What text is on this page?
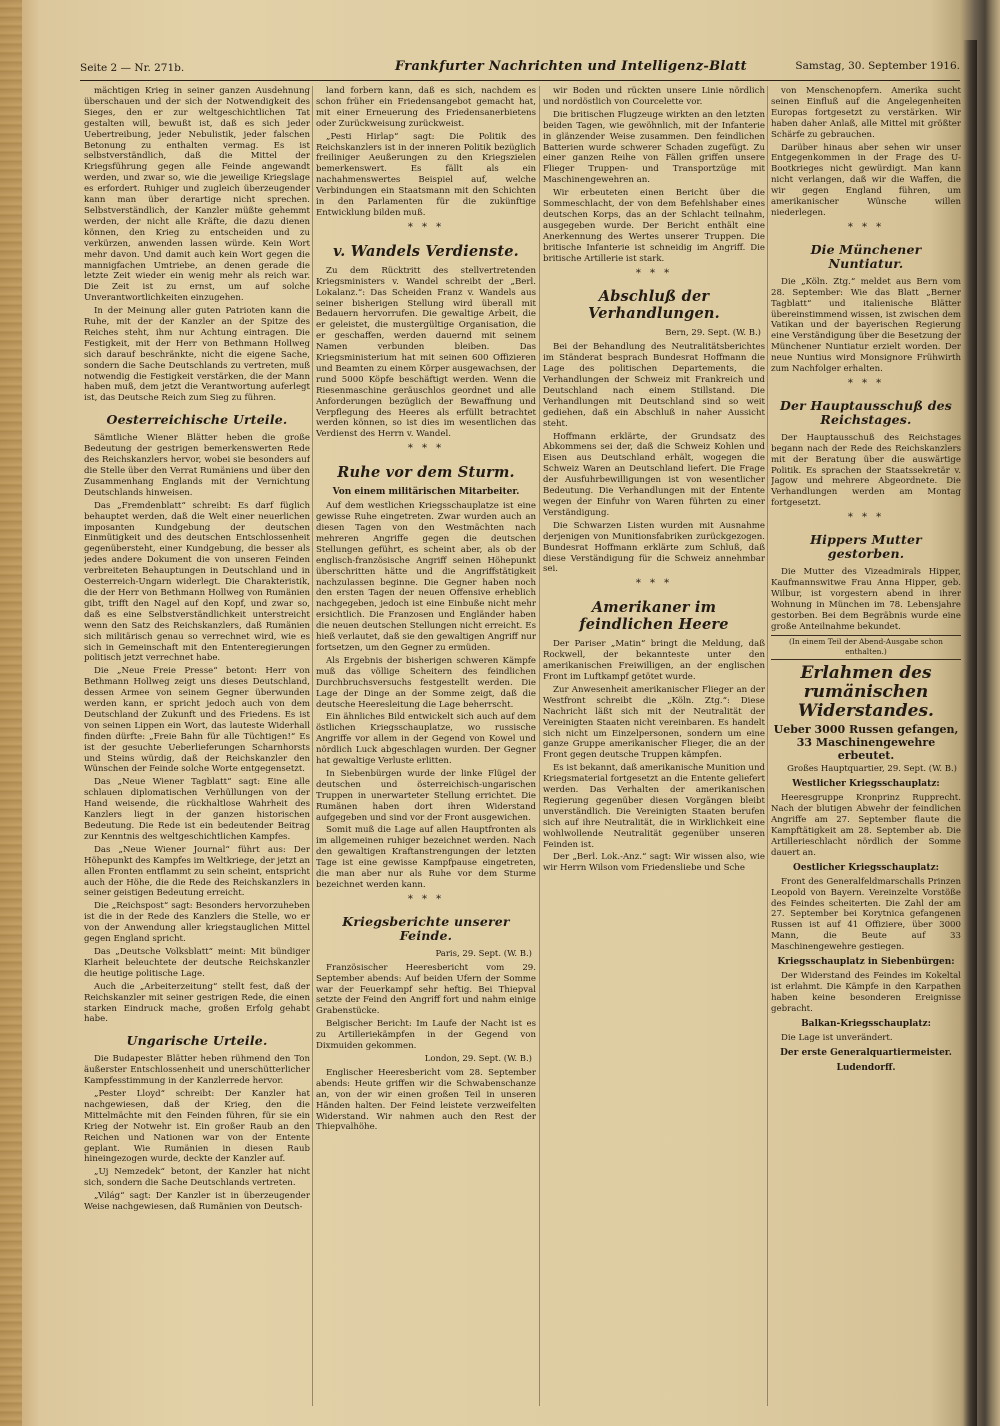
Seite 2 — Nr. 271b.	Frankfurter Nachrichten und Intelligenz-Blatt	Samstag, 30. September 1916.

mächtigen Krieg in seiner ganzen Ausdehnung überschauen und der sich der Notwendigkeit des Sieges, den er zur weltgeschichtlichen Tat gestalten will, bewußt ist, daß es sich jeder Uebertreibung, jeder Nebulistik, jeder falschen Betonung zu enthalten vermag. Es ist selbstverständlich, daß die Mittel der Kriegsführung gegen alle Feinde angewandt werden, und zwar so, wie die jeweilige Kriegslage es erfordert. Ruhiger und zugleich überzeugender kann man über derartige nicht sprechen. Selbstverständlich, der Kanzler müßte gehemmt werden, der nicht alle Kräfte, die dazu dienen können, den Krieg zu entscheiden und zu verkürzen, anwenden lassen würde. Kein Wort mehr davon. Und damit auch kein Wort gegen die mannigfachen Umtriebe, an denen gerade die letzte Zeit wieder ein wenig mehr als reich war. Die Zeit ist zu ernst, um auf solche Unverantwortlichkeiten einzugehen.

In der Meinung aller guten Patrioten kann die Ruhe, mit der der Kanzler an der Spitze des Reiches steht, ihm nur Achtung eintragen. Die Festigkeit, mit der Herr von Bethmann Hollweg sich darauf beschränkte, nicht die eigene Sache, sondern die Sache Deutschlands zu vertreten, muß notwendig die Festigkeit verstärken, die der Mann haben muß, dem jetzt die Verantwortung auferlegt ist, das Deutsche Reich zum Sieg zu führen.

Oesterreichische Urteile.

Sämtliche Wiener Blätter heben die große Bedeutung der gestrigen bemerkenswerten Rede des Reichskanzlers hervor, wobei sie besonders auf die Stelle über den Verrat Rumäniens und über den Zusammenhang Englands mit der Vernichtung Deutschlands hinweisen.

Das „Fremdenblatt“ schreibt: Es darf füglich behauptet werden, daß die Welt einer neuerlichen imposanten Kundgebung der deutschen Einmütigkeit und des deutschen Entschlossenheit gegenübersteht, einer Kundgebung, die besser als jedes andere Dokument die von unseren Feinden verbreiteten Behauptungen in Deutschland und in Oesterreich-Ungarn widerlegt. Die Charakteristik, die der Herr von Bethmann Hollweg von Rumänien gibt, trifft den Nagel auf den Kopf, und zwar so, daß es eine Selbstverständlichkeit unterstreicht wenn den Satz des Reichskanzlers, daß Rumänien sich militärisch genau so verrechnet wird, wie es sich in Gemeinschaft mit den Ententeregierungen politisch jetzt verrechnet habe.

Die „Neue Freie Presse“ betont: Herr von Bethmann Hollweg zeigt uns dieses Deutschland, dessen Armee von seinem Gegner überwunden werden kann, er spricht jedoch auch von dem Deutschland der Zukunft und des Friedens. Es ist von seinen Lippen ein Wort, das lauteste Widerhall finden dürfte: „Freie Bahn für alle Tüchtigen!“ Es ist der gesuchte Ueberlieferungen Scharnhorsts und Steins würdig, daß der Reichskanzler den Wünschen der Feinde solche Worte entgegensetzt.

Das „Neue Wiener Tagblatt“ sagt: Eine alle schlauen diplomatischen Verhüllungen von der Hand weisende, die rückhaltlose Wahrheit des Kanzlers liegt in der ganzen historischen Bedeutung. Die Rede ist ein bedeutender Beitrag zur Kenntnis des weltgeschichtlichen Kampfes.

Das „Neue Wiener Journal“ führt aus: Der Höhepunkt des Kampfes im Weltkriege, der jetzt an allen Fronten entflammt zu sein scheint, entspricht auch der Höhe, die die Rede des Reichskanzlers in seiner geistigen Bedeutung erreicht.

Die „Reichspost“ sagt: Besonders hervorzuheben ist die in der Rede des Kanzlers die Stelle, wo er von der Anwendung aller kriegstauglichen Mittel gegen England spricht.

Das „Deutsche Volksblatt“ meint: Mit bündiger Klarheit beleuchtete der deutsche Reichskanzler die heutige politische Lage.

Auch die „Arbeiterzeitung“ stellt fest, daß der Reichskanzler mit seiner gestrigen Rede, die einen starken Eindruck mache, großen Erfolg gehabt habe.

Ungarische Urteile.

Die Budapester Blätter heben rühmend den Ton äußerster Entschlossenheit und unerschütterlicher Kampfesstimmung in der Kanzlerrede hervor.

„Pester Lloyd“ schreibt: Der Kanzler hat nachgewiesen, daß der Krieg, den die Mittelmächte mit den Feinden führen, für sie ein Krieg der Notwehr ist. Ein großer Raub an den Reichen und Nationen war von der Entente geplant. Wie Rumänien in diesen Raub hineingezogen wurde, deckte der Kanzler auf.

„Uj Nemzedek“ betont, der Kanzler hat nicht sich, sondern die Sache Deutschlands vertreten.

„Világ“ sagt: Der Kanzler ist in überzeugender Weise nachgewiesen, daß Rumänien von Deutsch-

land forbern kann, daß es sich, nachdem es schon früher ein Friedensangebot gemacht hat, mit einer Erneuerung des Friedensanerbietens oder Zurückweisung zurückweist.

„Pesti Hirlap“ sagt: Die Politik des Reichskanzlers ist in der inneren Politik bezüglich freiliniger Aeußerungen zu den Kriegszielen bemerkenswert. Es fällt als ein nachahmenswertes Beispiel auf, welche Verbindungen ein Staatsmann mit den Schichten in den Parlamenten für die zukünftige Entwicklung bilden muß.

* * *
v. Wandels Verdienste.

Zu dem Rücktritt des stellvertretenden Kriegsministers v. Wandel schreibt der „Berl. Lokalanz.“: Das Scheiden Franz v. Wandels aus seiner bisherigen Stellung wird überall mit Bedauern hervorrufen. Die gewaltige Arbeit, die er geleistet, die mustergültige Organisation, die er geschaffen, werden dauernd mit seinem Namen verbunden bleiben. Das Kriegsministerium hat mit seinen 600 Offizieren und Beamten zu einem Körper ausgewachsen, der rund 5000 Köpfe beschäftigt werden. Wenn die Riesenmaschine geräuschlos geordnet und alle Anforderungen bezüglich der Bewaffnung und Verpflegung des Heeres als erfüllt betrachtet werden können, so ist dies im wesentlichen das Verdienst des Herrn v. Wandel.

* * *
Ruhe vor dem Sturm.
Von einem militärischen Mitarbeiter.

Auf dem westlichen Kriegsschauplatze ist eine gewisse Ruhe eingetreten. Zwar wurden auch an diesen Tagen von den Westmächten nach mehreren Angriffe gegen die deutschen Stellungen geführt, es scheint aber, als ob der englisch-französische Angriff seinen Höhepunkt überschritten hätte und die Angriffstätigkeit nachzulassen beginne. Die Gegner haben noch den ersten Tagen der neuen Offensive erheblich nachgegeben, jedoch ist eine Einbuße nicht mehr ersichtlich. Die Franzosen und Engländer haben die neuen deutschen Stellungen nicht erreicht. Es hieß verlautet, daß sie den gewaltigen Angriff nur fortsetzen, um den Gegner zu ermüden.

Als Ergebnis der bisherigen schweren Kämpfe muß das völlige Scheitern des feindlichen Durchbruchsversuchs festgestellt werden. Die Lage der Dinge an der Somme zeigt, daß die deutsche Heeresleitung die Lage beherrscht.

Ein ähnliches Bild entwickelt sich auch auf dem östlichen Kriegsschauplatze, wo russische Angriffe vor allem in der Gegend von Kowel und nördlich Luck abgeschlagen wurden. Der Gegner hat gewaltige Verluste erlitten.

In Siebenbürgen wurde der linke Flügel der deutschen und österreichisch-ungarischen Truppen in unerwarteter Stellung errichtet. Die Rumänen haben dort ihren Widerstand aufgegeben und sind vor der Front ausgewichen.

Somit muß die Lage auf allen Hauptfronten als im allgemeinen ruhiger bezeichnet werden. Nach den gewaltigen Kraftanstrengungen der letzten Tage ist eine gewisse Kampfpause eingetreten, die man aber nur als Ruhe vor dem Sturme bezeichnet werden kann.

* * *
Kriegsberichte unserer Feinde.
Paris, 29. Sept. (W. B.)

Französischer Heeresbericht vom 29. September abends: Auf beiden Ufern der Somme war der Feuerkampf sehr heftig. Bei Thiepval setzte der Feind den Angriff fort und nahm einige Grabenstücke.

Belgischer Bericht: Im Laufe der Nacht ist es zu Artilleriekämpfen in der Gegend von Dixmuiden gekommen.

London, 29. Sept. (W. B.)

Englischer Heeresbericht vom 28. September abends: Heute griffen wir die Schwabenschanze an, von der wir einen großen Teil in unseren Händen halten. Der Feind leistete verzweifelten Widerstand. Wir nahmen auch den Rest der Thiepvalhöhe.

wir Boden und rückten unsere Linie nördlich und nordöstlich von Courcelette vor.

Die britischen Flugzeuge wirkten an den letzten beiden Tagen, wie gewöhnlich, mit der Infanterie in glänzender Weise zusammen. Den feindlichen Batterien wurde schwerer Schaden zugefügt. Zu einer ganzen Reihe von Fällen griffen unsere Flieger Truppen- und Transportzüge mit Maschinengewehren an.

Wir erbeuteten einen Bericht über die Sommeschlacht, der von dem Befehlshaber eines deutschen Korps, das an der Schlacht teilnahm, ausgegeben wurde. Der Bericht enthält eine Anerkennung des Wertes unserer Truppen. Die britische Infanterie ist schneidig im Angriff. Die britische Artillerie ist stark.

* * *
Abschluß der Verhandlungen.
Bern, 29. Sept. (W. B.)

Bei der Behandlung des Neutralitätsberichtes im Ständerat besprach Bundesrat Hoffmann die Lage des politischen Departements, die Verhandlungen der Schweiz mit Frankreich und Deutschland nach einem Stillstand. Die Verhandlungen mit Deutschland sind so weit gediehen, daß ein Abschluß in naher Aussicht steht.

Hoffmann erklärte, der Grundsatz des Abkommens sei der, daß die Schweiz Kohlen und Eisen aus Deutschland erhält, wogegen die Schweiz Waren an Deutschland liefert. Die Frage der Ausfuhrbewilligungen ist von wesentlicher Bedeutung. Die Verhandlungen mit der Entente wegen der Einfuhr von Waren führten zu einer Verständigung.

Die Schwarzen Listen wurden mit Ausnahme derjenigen von Munitionsfabriken zurückgezogen. Bundesrat Hoffmann erklärte zum Schluß, daß diese Verständigung für die Schweiz annehmbar sei.

* * *
Amerikaner im feindlichen Heere

Der Pariser „Matin“ bringt die Meldung, daß Rockwell, der bekannteste unter den amerikanischen Freiwilligen, an der englischen Front im Luftkampf getötet wurde.

Zur Anwesenheit amerikanischer Flieger an der Westfront schreibt die „Köln. Ztg.“: Diese Nachricht läßt sich mit der Neutralität der Vereinigten Staaten nicht vereinbaren. Es handelt sich nicht um Einzelpersonen, sondern um eine ganze Gruppe amerikanischer Flieger, die an der Front gegen deutsche Truppen kämpfen.

Es ist bekannt, daß amerikanische Munition und Kriegsmaterial fortgesetzt an die Entente geliefert werden. Das Verhalten der amerikanischen Regierung gegenüber diesen Vorgängen bleibt unverständlich. Die Vereinigten Staaten berufen sich auf ihre Neutralität, die in Wirklichkeit eine wohlwollende Neutralität gegenüber unseren Feinden ist.

Der „Berl. Lok.-Anz.“ sagt: Wir wissen also, wie wir Herrn Wilson vom Friedensliebe und Sche

von Menschenopfern. Amerika sucht seinen Einfluß auf die Angelegenheiten Europas fortgesetzt zu verstärken. Wir haben daher Anlaß, alle Mittel mit größter Schärfe zu gebrauchen.

Darüber hinaus aber sehen wir unser Entgegenkommen in der Frage des U-Bootkrieges nicht gewürdigt. Man kann nicht verlangen, daß wir die Waffen, die wir gegen England führen, um amerikanischer Wünsche willen niederlegen.

* * *
Die Münchener Nuntiatur.

Die „Köln. Ztg.“ meldet aus Bern vom 28. September: Wie das Blatt „Berner Tagblatt“ und italienische Blätter übereinstimmend wissen, ist zwischen dem Vatikan und der bayerischen Regierung eine Verständigung über die Besetzung der Münchener Nuntiatur erzielt worden. Der neue Nuntius wird Monsignore Frühwirth zum Nachfolger erhalten.

* * *
Der Hauptausschuß des Reichstages.

Der Hauptausschuß des Reichstages begann nach der Rede des Reichskanzlers mit der Beratung über die auswärtige Politik. Es sprachen der Staatssekretär v. Jagow und mehrere Abgeordnete. Die Verhandlungen werden am Montag fortgesetzt.

* * *
Hippers Mutter gestorben.

Die Mutter des Vizeadmirals Hipper, Kaufmannswitwe Frau Anna Hipper, geb. Wilbur, ist vorgestern abend in ihrer Wohnung in München im 78. Lebensjahre gestorben. Bei dem Begräbnis wurde eine große Anteilnahme bekundet.

(In einem Teil der Abend-Ausgabe schon enthalten.)
Erlahmen des rumänischen Widerstandes.
Ueber 3000 Russen gefangen, 33 Maschinengewehre erbeutet.
Großes Hauptquartier, 29. Sept. (W. B.)
Westlicher Kriegsschauplatz:

Heeresgruppe Kronprinz Rupprecht. Nach der blutigen Abwehr der feindlichen Angriffe am 27. September flaute die Kampftätigkeit am 28. September ab. Die Artillerieschlacht nördlich der Somme dauert an.

Oestlicher Kriegsschauplatz:

Front des Generalfeldmarschalls Prinzen Leopold von Bayern. Vereinzelte Vorstöße des Feindes scheiterten. Die Zahl der am 27. September bei Korytnica gefangenen Russen ist auf 41 Offiziere, über 3000 Mann, die Beute auf 33 Maschinengewehre gestiegen.

Kriegsschauplatz in Siebenbürgen:

Der Widerstand des Feindes im Kokeltal ist erlahmt. Die Kämpfe in den Karpathen haben keine besonderen Ereignisse gebracht.

Balkan-Kriegsschauplatz:

Die Lage ist unverändert.

Der erste Generalquartiermeister.
Ludendorff.
